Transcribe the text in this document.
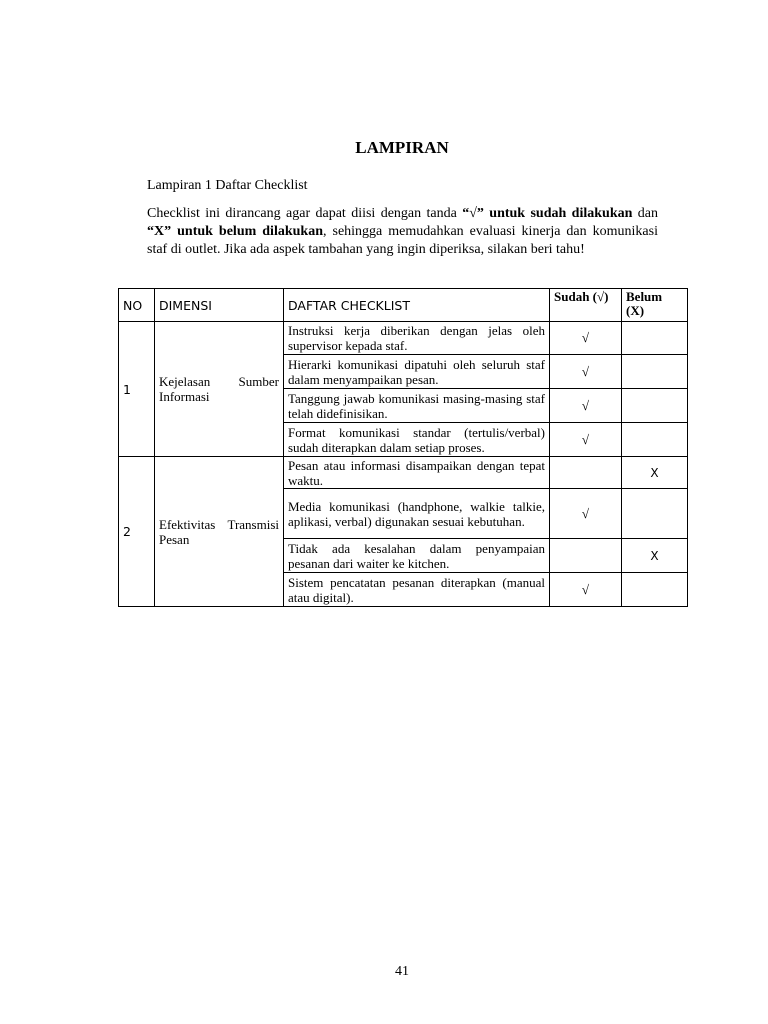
LAMPIRAN
Lampiran 1 Daftar Checklist
Checklist ini dirancang agar dapat diisi dengan tanda “√” untuk sudah dilakukan dan “X” untuk belum dilakukan, sehingga memudahkan evaluasi kinerja dan komunikasi staf di outlet. Jika ada aspek tambahan yang ingin diperiksa, silakan beri tahu!
NO	DIMENSI	DAFTAR CHECKLIST	Sudah (√)	Belum (X)
1	Kejelasan Sumber Informasi	Instruksi kerja diberikan dengan jelas oleh supervisor kepada staf.	√	
		Hierarki komunikasi dipatuhi oleh seluruh staf dalam menyampaikan pesan.	√	
		Tanggung jawab komunikasi masing-masing staf telah didefinisikan.	√	
		Format komunikasi standar (tertulis/verbal) sudah diterapkan dalam setiap proses.	√	
2	Efektivitas Transmisi Pesan	Pesan atau informasi disampaikan dengan tepat waktu.		X
		Media komunikasi (handphone, walkie talkie, aplikasi, verbal) digunakan sesuai kebutuhan.	√	
		Tidak ada kesalahan dalam penyampaian pesanan dari waiter ke kitchen.		X
		Sistem pencatatan pesanan diterapkan (manual atau digital).	√	
41
